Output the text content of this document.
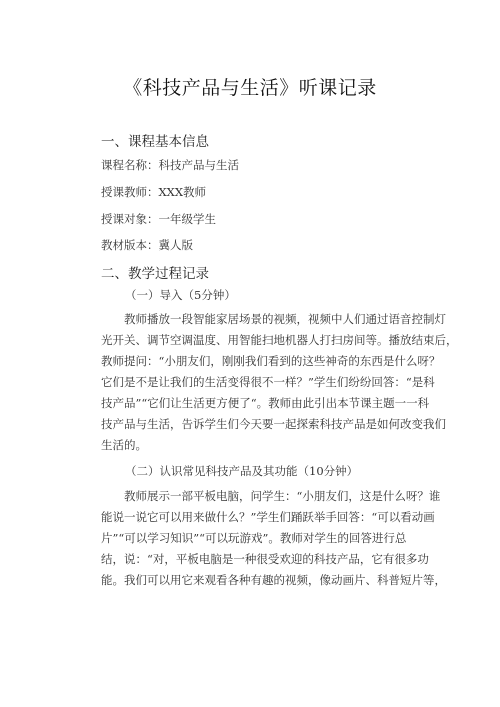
《科技产品与生活》听课记录
一、课程基本信息
课程名称：科技产品与生活
授课教师：XXX教师
授课对象：一年级学生
教材版本：冀人版
二、教学过程记录
（一）导入（5分钟）
　　教师播放一段智能家居场景的视频，视频中人们通过语音控制灯
光开关、调节空调温度、用智能扫地机器人打扫房间等。播放结束后，
教师提问：“小朋友们，刚刚我们看到的这些神奇的东西是什么呀？
它们是不是让我们的生活变得很不一样？”学生们纷纷回答：“是科
技产品”“它们让生活更方便了“。教师由此引出本节课主题一一科
技产品与生活，告诉学生们今天要一起探索科技产品是如何改变我们
生活的。
（二）认识常见科技产品及其功能（10分钟）
　　教师展示一部平板电脑，问学生：“小朋友们，这是什么呀？谁
能说一说它可以用来做什么？”学生们踊跃举手回答：“可以看动画
片”“可以学习知识”“可以玩游戏”。教师对学生的回答进行总
结，说：“对，平板电脑是一种很受欢迎的科技产品，它有很多功
能。我们可以用它来观看各种有趣的视频，像动画片、科普短片等，
